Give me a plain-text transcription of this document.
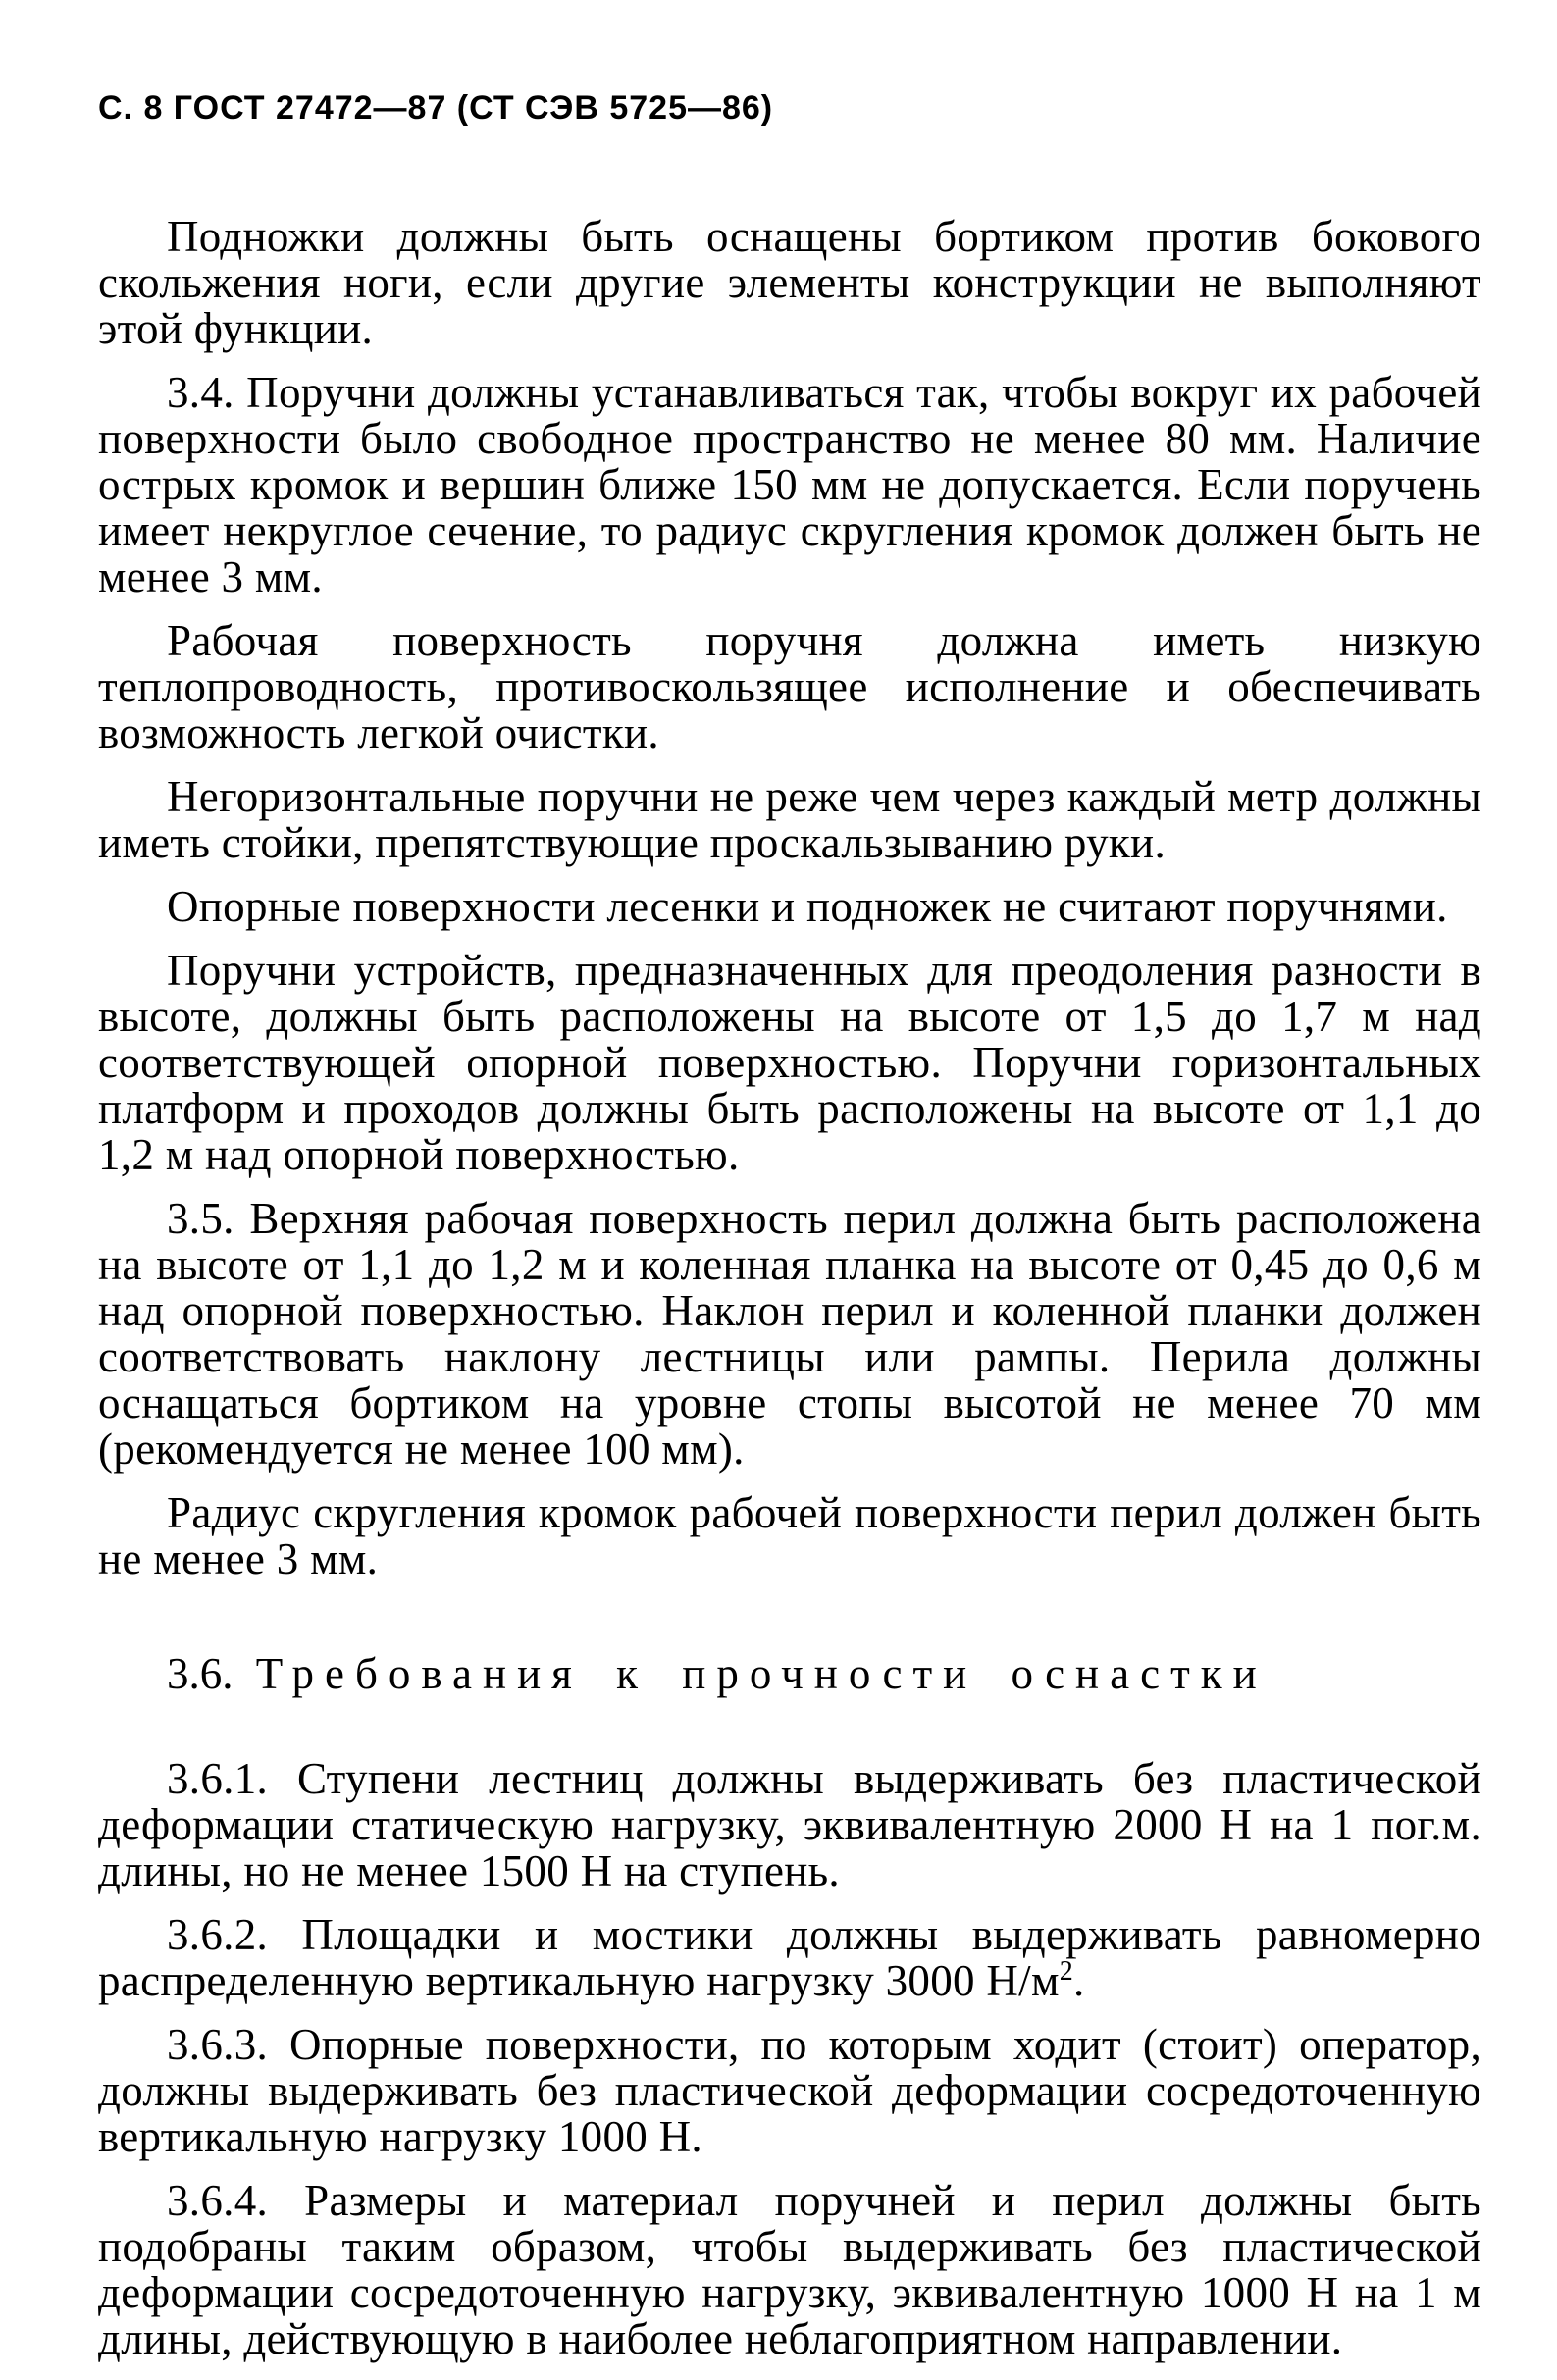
С. 8 ГОСТ 27472—87 (СТ СЭВ 5725—86)

Подножки должны быть оснащены бортиком против бокового скольжения ноги, если другие элементы конструкции не выполняют этой функции.

3.4. Поручни должны устанавливаться так, чтобы вокруг их рабочей поверхности было свободное пространство не менее 80 мм. Наличие острых кромок и вершин ближе 150 мм не допускается. Если поручень имеет некруглое сечение, то радиус скругления кромок должен быть не менее 3 мм.

Рабочая поверхность поручня должна иметь низкую теплопроводность, противоскользящее исполнение и обеспечивать возможность легкой очистки.

Негоризонтальные поручни не реже чем через каждый метр должны иметь стойки, препятствующие проскальзыванию руки.

Опорные поверхности лесенки и подножек не считают поручнями.

Поручни устройств, предназначенных для преодоления разности в высоте, должны быть расположены на высоте от 1,5 до 1,7 м над соответствующей опорной поверхностью. Поручни горизонтальных платформ и проходов должны быть расположены на высоте от 1,1 до 1,2 м над опорной поверхностью.

3.5. Верхняя рабочая поверхность перил должна быть расположена на высоте от 1,1 до 1,2 м и коленная планка на высоте от 0,45 до 0,6 м над опорной поверхностью. Наклон перил и коленной планки должен соответствовать наклону лестницы или рампы. Перила должны оснащаться бортиком на уровне стопы высотой не менее 70 мм (рекомендуется не менее 100 мм).

Радиус скругления кромок рабочей поверхности перил должен быть не менее 3 мм.

3.6. Требования к прочности оснастки

3.6.1. Ступени лестниц должны выдерживать без пластической деформации статическую нагрузку, эквивалентную 2000 Н на 1 пог.м. длины, но не менее 1500 Н на ступень.

3.6.2. Площадки и мостики должны выдерживать равномерно распределенную вертикальную нагрузку 3000 $Н/м^2$.

3.6.3. Опорные поверхности, по которым ходит (стоит) оператор, должны выдерживать без пластической деформации сосредоточенную вертикальную нагрузку 1000 Н.

3.6.4. Размеры и материал поручней и перил должны быть подобраны таким образом, чтобы выдерживать без пластической деформации сосредоточенную нагрузку, эквивалентную 1000 Н на 1 м длины, действующую в наиболее неблагоприятном направлении.
